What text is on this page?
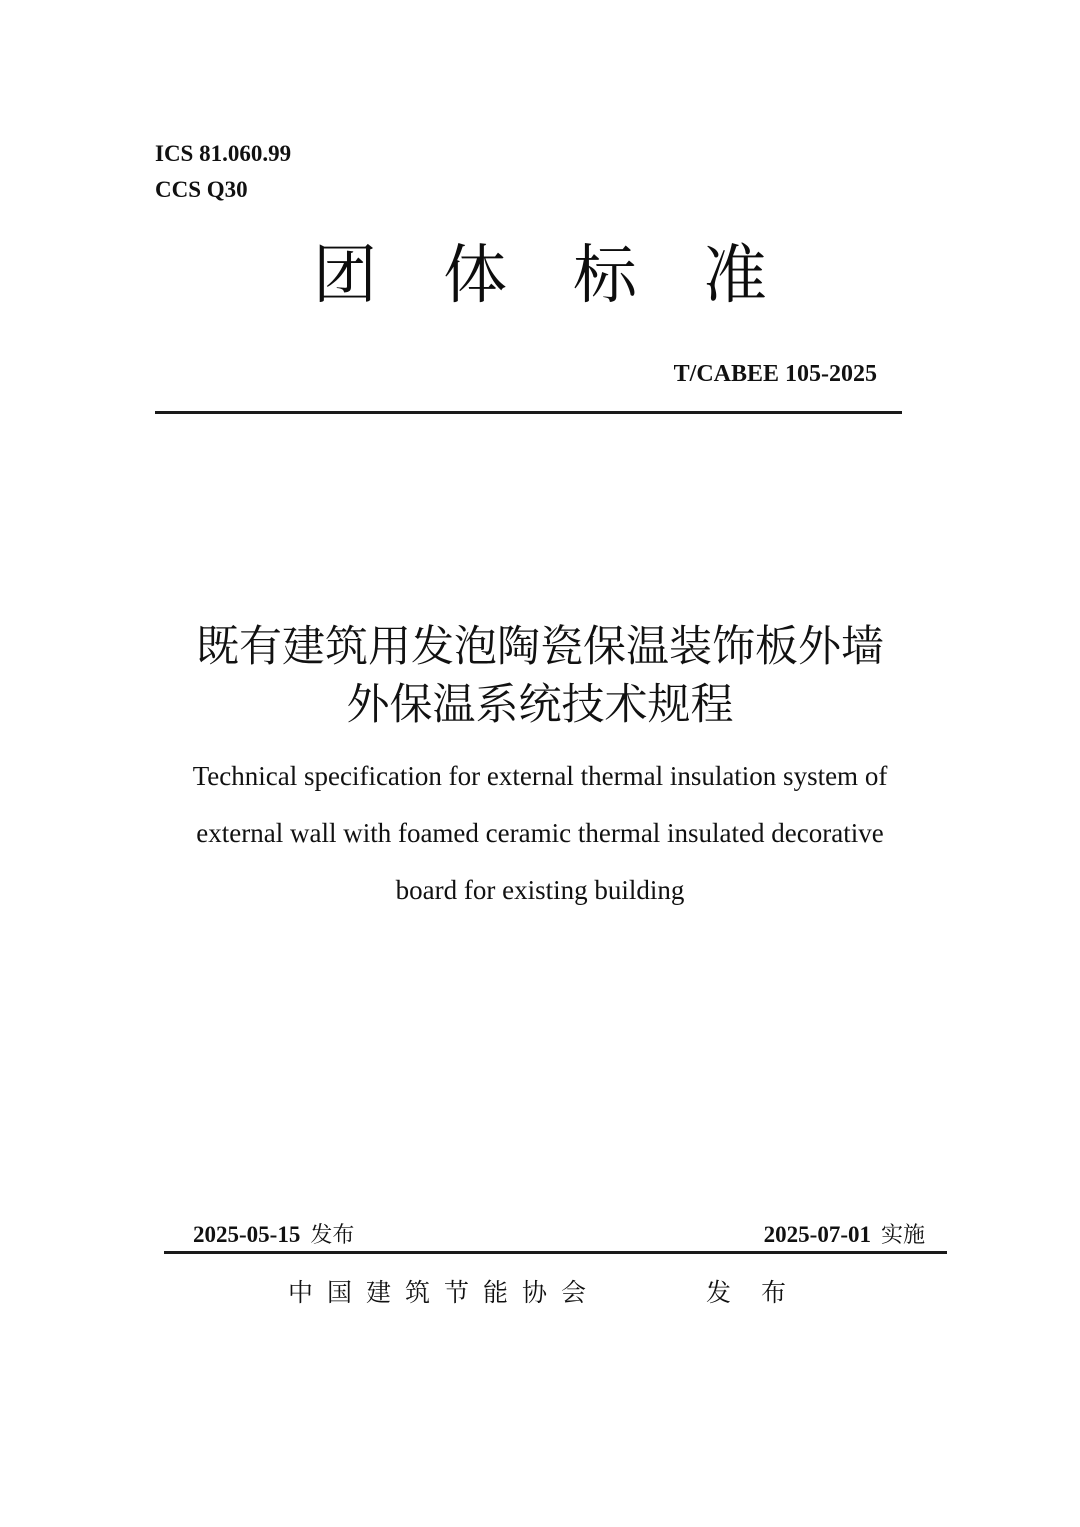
ICS 81.060.99
CCS Q30
团 体 标 准
T/CABEE 105-2025
既有建筑用发泡陶瓷保温装饰板外墙
外保温系统技术规程
Technical specification for external thermal insulation system of
external wall with foamed ceramic thermal insulated decorative
board for existing building
2025-05-15 发布	2025-07-01 实施
中国建筑节能协会	发布
